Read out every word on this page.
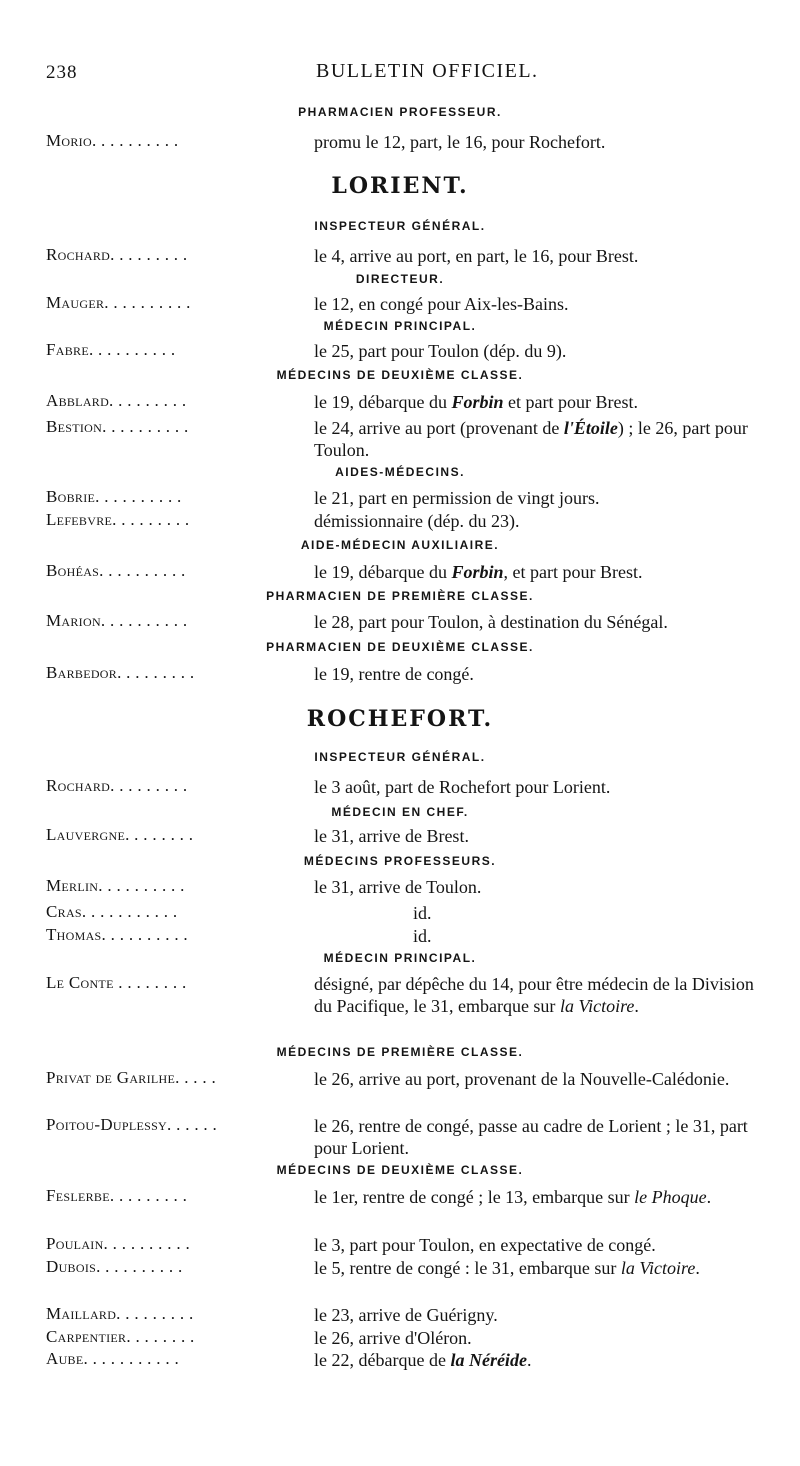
238	BULLETIN OFFICIEL.
PHARMACIEN PROFESSEUR.
Morio. . . . . . . . . .	promu le 12, part, le 16, pour Rochefort.
LORIENT.
INSPECTEUR GÉNÉRAL.
Rochard. . . . . . . . .	le 4, arrive au port, en part, le 16, pour Brest.
DIRECTEUR.
Mauger. . . . . . . . . .	le 12, en congé pour Aix-les-Bains.
MÉDECIN PRINCIPAL.
Fabre. . . . . . . . . .	le 25, part pour Toulon (dép. du 9).
MÉDECINS DE DEUXIÈME CLASSE.
Abblard. . . . . . . . .	le 19, débarque du Forbin et part pour Brest.
Bestion. . . . . . . . . .	le 24, arrive au port (provenant de l'Étoile) ; le 26, part pour Toulon.
AIDES-MÉDECINS.
Bobrie. . . . . . . . . .	le 21, part en permission de vingt jours.
Lefebvre. . . . . . . . .	démissionnaire (dép. du 23).
AIDE-MÉDECIN AUXILIAIRE.
Bohéas. . . . . . . . . .	le 19, débarque du Forbin, et part pour Brest.
PHARMACIEN DE PREMIÈRE CLASSE.
Marion. . . . . . . . . .	le 28, part pour Toulon, à destination du Sénégal.
PHARMACIEN DE DEUXIÈME CLASSE.
Barbedor. . . . . . . . .	le 19, rentre de congé.
ROCHEFORT.
INSPECTEUR GÉNÉRAL.
Rochard. . . . . . . . .	le 3 août, part de Rochefort pour Lorient.
MÉDECIN EN CHEF.
Lauvergne. . . . . . . .	le 31, arrive de Brest.
MÉDECINS PROFESSEURS.
Merlin. . . . . . . . . .	le 31, arrive de Toulon.
Cras. . . . . . . . . . .	id.
Thomas. . . . . . . . . .	id.
MÉDECIN PRINCIPAL.
Le Conte . . . . . . . .	désigné, par dépêche du 14, pour être médecin de la Division du Pacifique, le 31, embarque sur la Victoire.
MÉDECINS DE PREMIÈRE CLASSE.
Privat de Garilhe. . . . .	le 26, arrive au port, provenant de la Nouvelle-Calédonie.
Poitou-Duplessy. . . . . .	le 26, rentre de congé, passe au cadre de Lorient ; le 31, part pour Lorient.
MÉDECINS DE DEUXIÈME CLASSE.
Feslerbe. . . . . . . . .	le 1er, rentre de congé ; le 13, embarque sur le Phoque.
Poulain. . . . . . . . . .	le 3, part pour Toulon, en expectative de congé.
Dubois. . . . . . . . . .	le 5, rentre de congé : le 31, embarque sur la Victoire.
Maillard. . . . . . . . .	le 23, arrive de Guérigny.
Carpentier. . . . . . . .	le 26, arrive d'Oléron.
Aube. . . . . . . . . . .	le 22, débarque de la Néréide.
